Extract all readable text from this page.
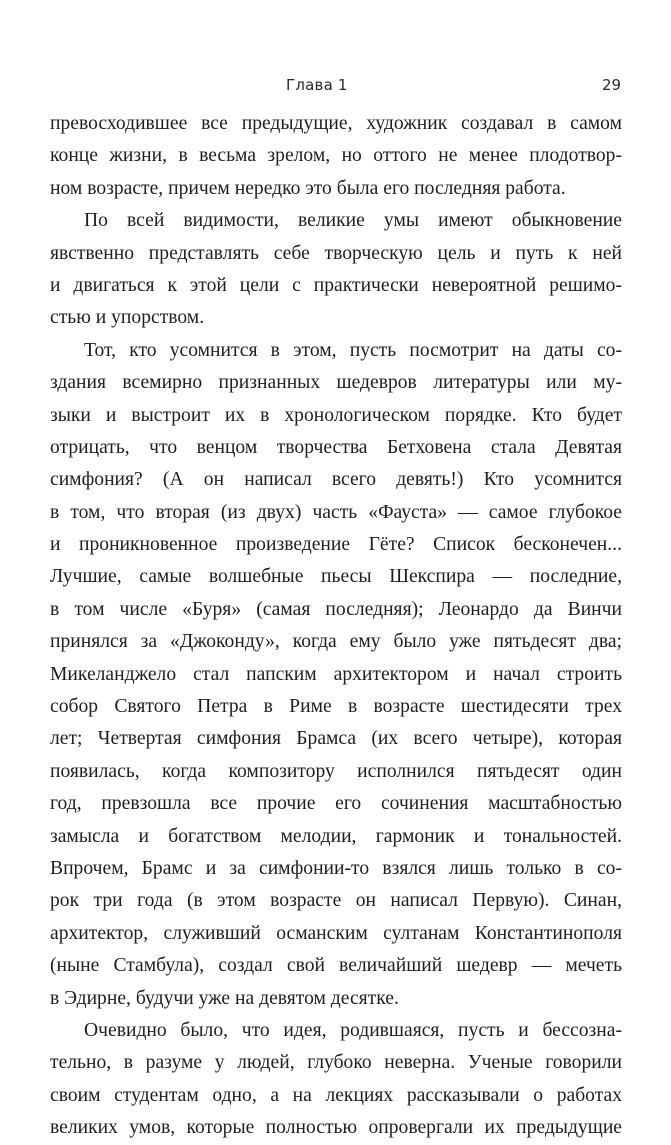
Глава 1	29
превосходившее все предыдущие, художник создавал в самом
конце жизни, в весьма зрелом, но оттого не менее плодотвор-
ном возрасте, причем нередко это была его последняя работа.
По всей видимости, великие умы имеют обыкновение
явственно представлять себе творческую цель и путь к ней
и двигаться к этой цели с практически невероятной решимо-
стью и упорством.
Тот, кто усомнится в этом, пусть посмотрит на даты со-
здания всемирно признанных шедевров литературы или му-
зыки и выстроит их в хронологическом порядке. Кто будет
отрицать, что венцом творчества Бетховена стала Девятая
симфония? (А он написал всего девять!) Кто усомнится
в том, что вторая (из двух) часть «Фауста» — самое глубокое
и проникновенное произведение Гёте? Список бесконечен...
Лучшие, самые волшебные пьесы Шекспира — последние,
в том числе «Буря» (самая последняя); Леонардо да Винчи
принялся за «Джоконду», когда ему было уже пятьдесят два;
Микеланджело стал папским архитектором и начал строить
собор Святого Петра в Риме в возрасте шестидесяти трех
лет; Четвертая симфония Брамса (их всего четыре), которая
появилась, когда композитору исполнился пятьдесят один
год, превзошла все прочие его сочинения масштабностью
замысла и богатством мелодии, гармоник и тональностей.
Впрочем, Брамс и за симфонии-то взялся лишь только в со-
рок три года (в этом возрасте он написал Первую). Синан,
архитектор, служивший османским султанам Константинополя
(ныне Стамбула), создал свой величайший шедевр — мечеть
в Эдирне, будучи уже на девятом десятке.
Очевидно было, что идея, родившаяся, пусть и бессозна-
тельно, в разуме у людей, глубоко неверна. Ученые говорили
своим студентам одно, а на лекциях рассказывали о работах
великих умов, которые полностью опровергали их предыдущие
